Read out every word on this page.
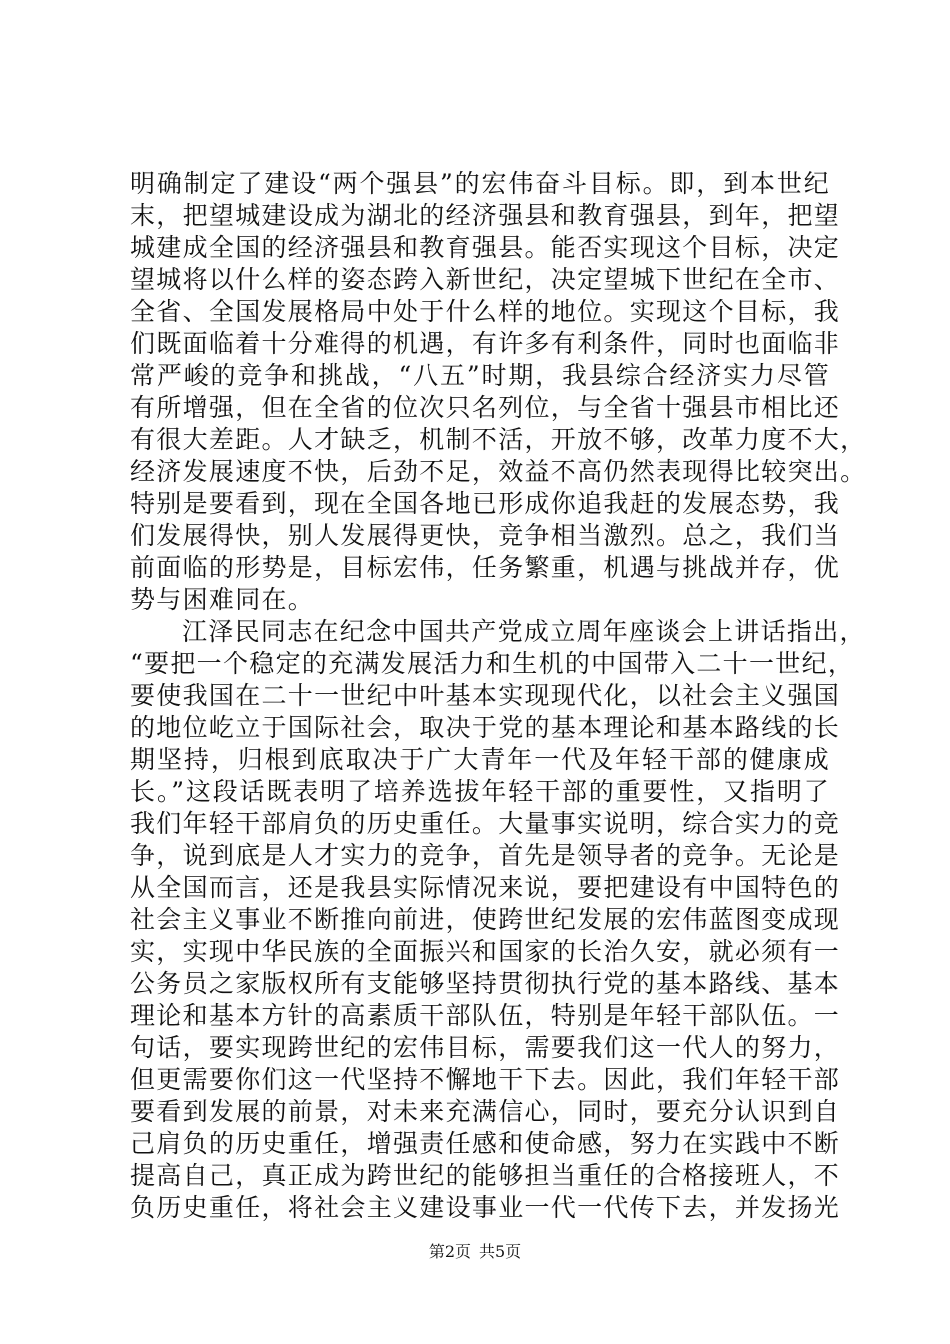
明确制定了建设“两个强县”的宏伟奋斗目标。即，到本世纪
末，把望城建设成为湖北的经济强县和教育强县，到年，把望
城建成全国的经济强县和教育强县。能否实现这个目标，决定
望城将以什么样的姿态跨入新世纪，决定望城下世纪在全市、
全省、全国发展格局中处于什么样的地位。实现这个目标，我
们既面临着十分难得的机遇，有许多有利条件，同时也面临非
常严峻的竞争和挑战，“八五”时期，我县综合经济实力尽管
有所增强，但在全省的位次只名列位，与全省十强县市相比还
有很大差距。人才缺乏，机制不活，开放不够，改革力度不大，
经济发展速度不快，后劲不足，效益不高仍然表现得比较突出。
特别是要看到，现在全国各地已形成你追我赶的发展态势，我
们发展得快，别人发展得更快，竞争相当激烈。总之，我们当
前面临的形势是，目标宏伟，任务繁重，机遇与挑战并存，优
势与困难同在。
江泽民同志在纪念中国共产党成立周年座谈会上讲话指出，
“要把一个稳定的充满发展活力和生机的中国带入二十一世纪，
要使我国在二十一世纪中叶基本实现现代化，以社会主义强国
的地位屹立于国际社会，取决于党的基本理论和基本路线的长
期坚持，归根到底取决于广大青年一代及年轻干部的健康成
长。”这段话既表明了培养选拔年轻干部的重要性，又指明了
我们年轻干部肩负的历史重任。大量事实说明，综合实力的竞
争，说到底是人才实力的竞争，首先是领导者的竞争。无论是
从全国而言，还是我县实际情况来说，要把建设有中国特色的
社会主义事业不断推向前进，使跨世纪发展的宏伟蓝图变成现
实，实现中华民族的全面振兴和国家的长治久安，就必须有一
公务员之家版权所有支能够坚持贯彻执行党的基本路线、基本
理论和基本方针的高素质干部队伍，特别是年轻干部队伍。一
句话，要实现跨世纪的宏伟目标，需要我们这一代人的努力，
但更需要你们这一代坚持不懈地干下去。因此，我们年轻干部
要看到发展的前景，对未来充满信心，同时，要充分认识到自
己肩负的历史重任，增强责任感和使命感，努力在实践中不断
提高自己，真正成为跨世纪的能够担当重任的合格接班人，不
负历史重任，将社会主义建设事业一代一代传下去，并发扬光
第2页 共5页
